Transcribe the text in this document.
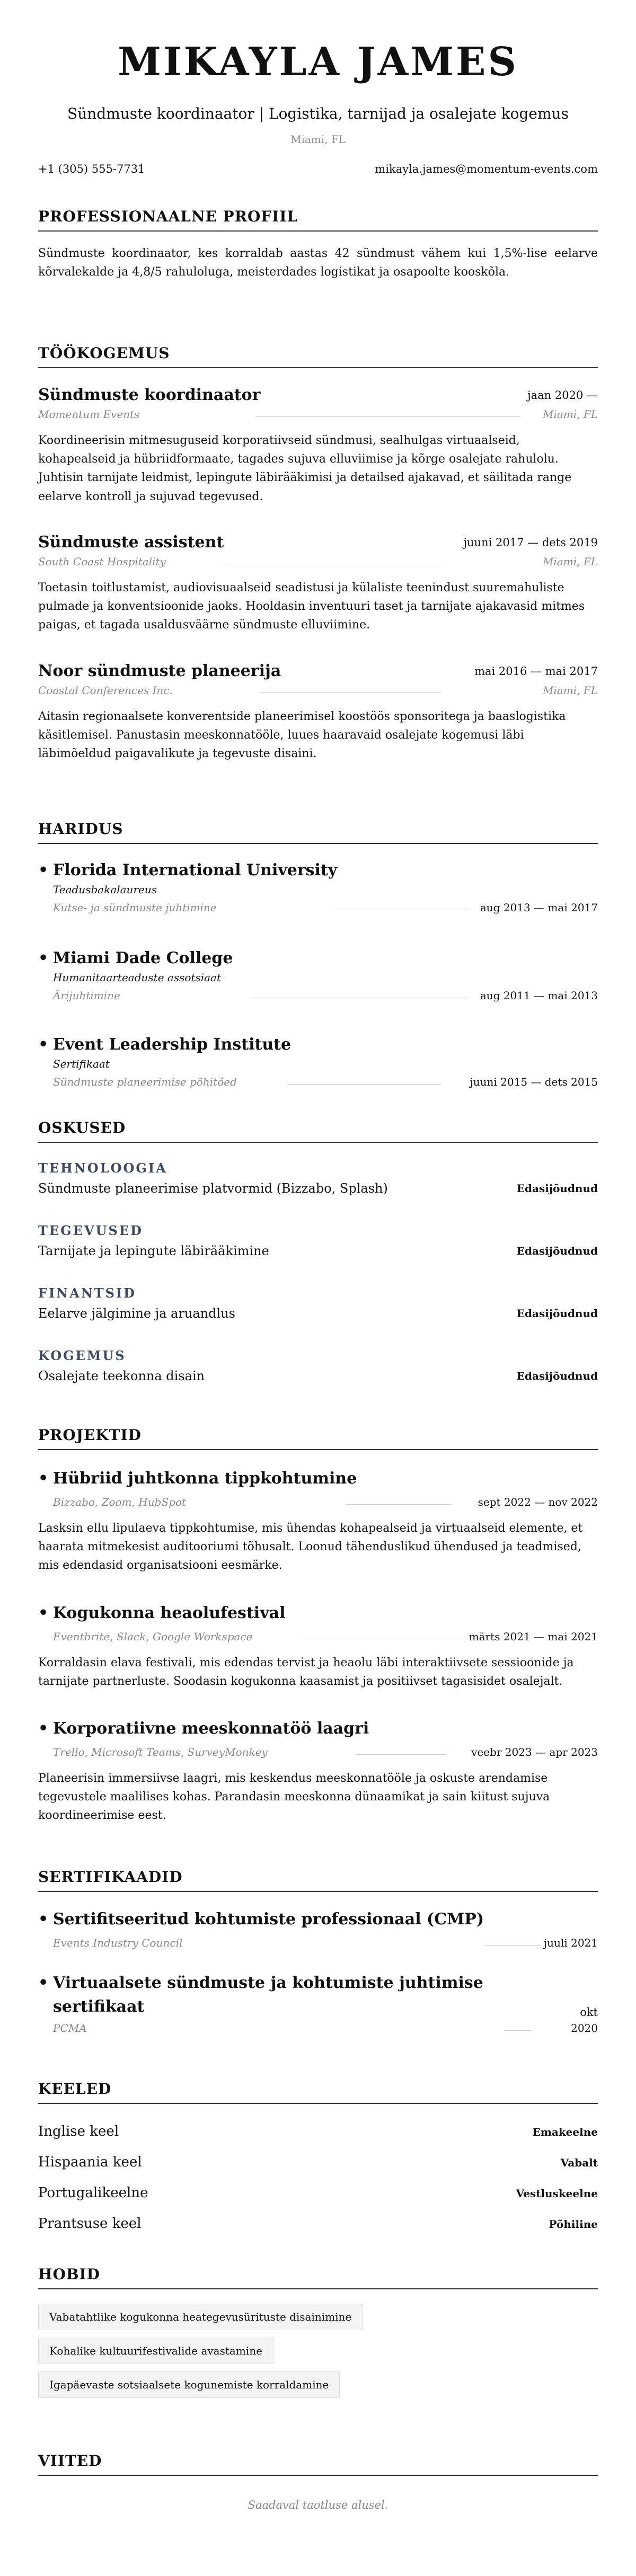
MIKAYLA JAMES
Sündmuste koordinaator | Logistika, tarnijad ja osalejate kogemus
Miami, FL
+1 (305) 555-7731	mikayla.james@momentum-events.com
PROFESSIONAALNE PROFIIL
Sündmuste koordinaator, kes korraldab aastas 42 sündmust vähem kui 1,5%-lise eelarve kõrvalekalde ja 4,8/5 rahuloluga, meisterdades logistikat ja osapoolte kooskõla.
TÖÖKOGEMUS
Sündmuste koordinaator	jaan 2020 —
Momentum Events	Miami, FL
Koordineerisin mitmesuguseid korporatiivseid sündmusi, sealhulgas virtuaalseid, kohapealseid ja hübriidformaate, tagades sujuva elluviimise ja kõrge osalejate rahulolu. Juhtisin tarnijate leidmist, lepingute läbirääkimisi ja detailsed ajakavad, et säilitada range eelarve kontroll ja sujuvad tegevused.
Sündmuste assistent	juuni 2017 — dets 2019
South Coast Hospitality	Miami, FL
Toetasin toitlustamist, audiovisuaalseid seadistusi ja külaliste teenindust suuremahuliste pulmade ja konventsioonide jaoks. Hooldasin inventuuri taset ja tarnijate ajakavasid mitmes paigas, et tagada usaldusväärne sündmuste elluviimine.
Noor sündmuste planeerija	mai 2016 — mai 2017
Coastal Conferences Inc.	Miami, FL
Aitasin regionaalsete konverentside planeerimisel koostöös sponsoritega ja baaslogistika käsitlemisel. Panustasin meeskonnatööle, luues haaravaid osalejate kogemusi läbi läbimõeldud paigavalikute ja tegevuste disaini.
HARIDUS
• Florida International University
Teadusbakalaureus
Kutse- ja sündmuste juhtimine	aug 2013 — mai 2017
• Miami Dade College
Humanitaarteaduste assotsiaat
Ärijuhtimine	aug 2011 — mai 2013
• Event Leadership Institute
Sertifikaat
Sündmuste planeerimise põhitõed	juuni 2015 — dets 2015
OSKUSED
TEHNOLOOGIA
Sündmuste planeerimise platvormid (Bizzabo, Splash)	Edasijõudnud
TEGEVUSED
Tarnijate ja lepingute läbirääkimine	Edasijõudnud
FINANTSID
Eelarve jälgimine ja aruandlus	Edasijõudnud
KOGEMUS
Osalejate teekonna disain	Edasijõudnud
PROJEKTID
• Hübriid juhtkonna tippkohtumine
Bizzabo, Zoom, HubSpot	sept 2022 — nov 2022
Lasksin ellu lipulaeva tippkohtumise, mis ühendas kohapealseid ja virtuaalseid elemente, et haarata mitmekesist auditooriumi tõhusalt. Loonud tähenduslikud ühendused ja teadmised, mis edendasid organisatsiooni eesmärke.
• Kogukonna heaolufestival
Eventbrite, Slack, Google Workspace	märts 2021 — mai 2021
Korraldasin elava festivali, mis edendas tervist ja heaolu läbi interaktiivsete sessioonide ja tarnijate partnerluste. Soodasin kogukonna kaasamist ja positiivset tagasisidet osalejalt.
• Korporatiivne meeskonnatöö laagri
Trello, Microsoft Teams, SurveyMonkey	veebr 2023 — apr 2023
Planeerisin immersiivse laagri, mis keskendus meeskonnatööle ja oskuste arendamise tegevustele maalilises kohas. Parandasin meeskonna dünaamikat ja sain kiitust sujuva koordineerimise eest.
SERTIFIKAADID
• Sertifitseeritud kohtumiste professionaal (CMP)
Events Industry Council	juuli 2021
• Virtuaalsete sündmuste ja kohtumiste juhtimise
sertifikaat	okt
PCMA	2020
KEELED
Inglise keel	Emakeelne
Hispaania keel	Vabalt
Portugalikeelne	Vestluskeelne
Prantsuse keel	Põhiline
HOBID
Vabatahtlike kogukonna heategevusürituste disainimine
Kohalike kultuurifestivalide avastamine
Igapäevaste sotsiaalsete kogunemiste korraldamine
VIITED
Saadaval taotluse alusel.
